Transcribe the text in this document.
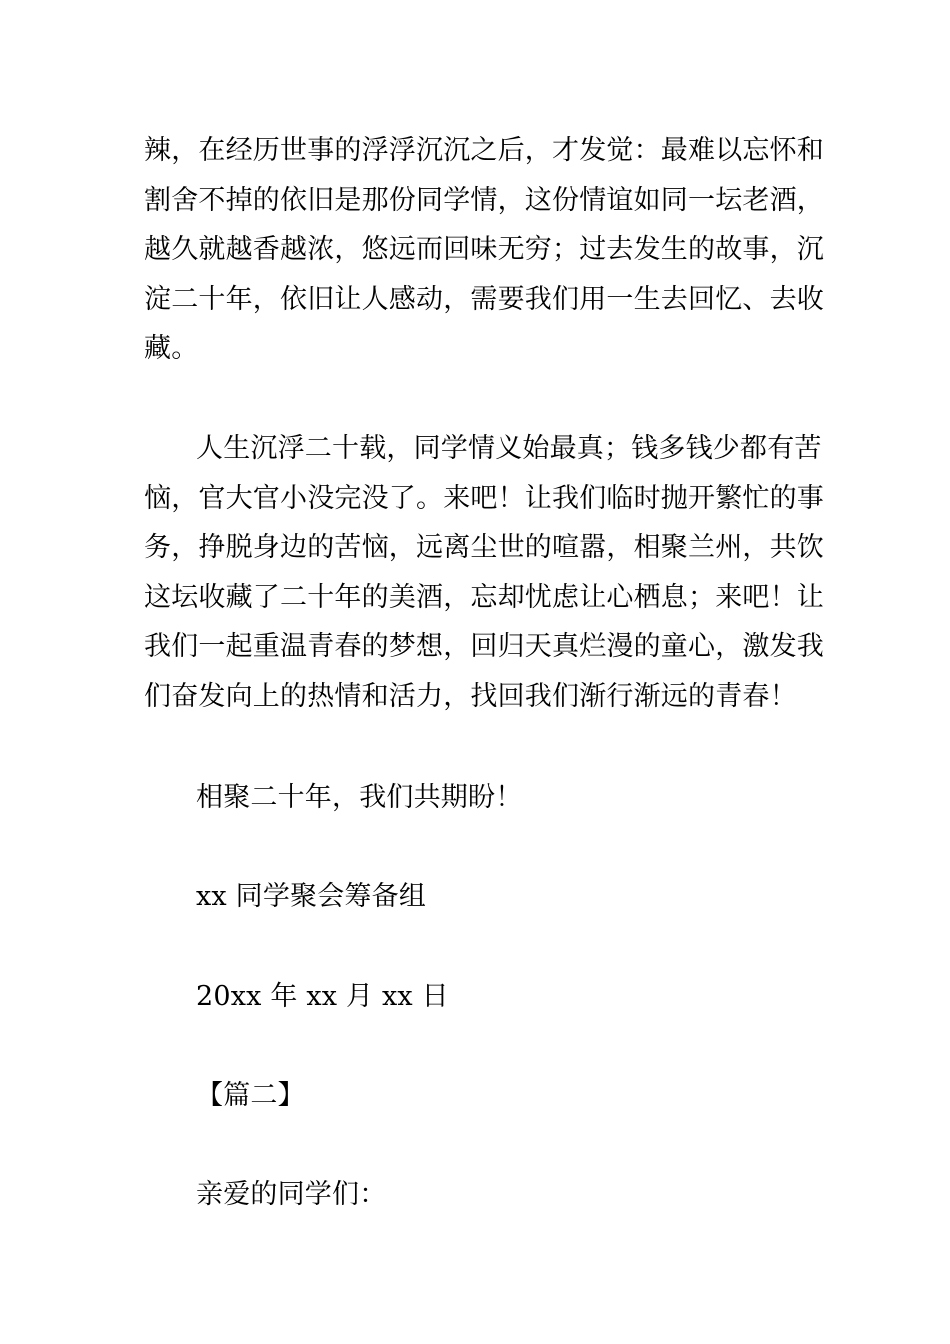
辣，在经历世事的浮浮沉沉之后，才发觉：最难以忘怀和
割舍不掉的依旧是那份同学情，这份情谊如同一坛老酒，
越久就越香越浓，悠远而回味无穷；过去发生的故事，沉
淀二十年，依旧让人感动，需要我们用一生去回忆、去收
藏。
人生沉浮二十载，同学情义始最真；钱多钱少都有苦
恼，官大官小没完没了。来吧！让我们临时抛开繁忙的事
务，挣脱身边的苦恼，远离尘世的喧嚣，相聚兰州，共饮
这坛收藏了二十年的美酒，忘却忧虑让心栖息；来吧！让
我们一起重温青春的梦想，回归天真烂漫的童心，激发我
们奋发向上的热情和活力，找回我们渐行渐远的青春！
相聚二十年，我们共期盼！
xx 同学聚会筹备组
20xx 年 xx 月 xx 日
【篇二】
亲爱的同学们：
